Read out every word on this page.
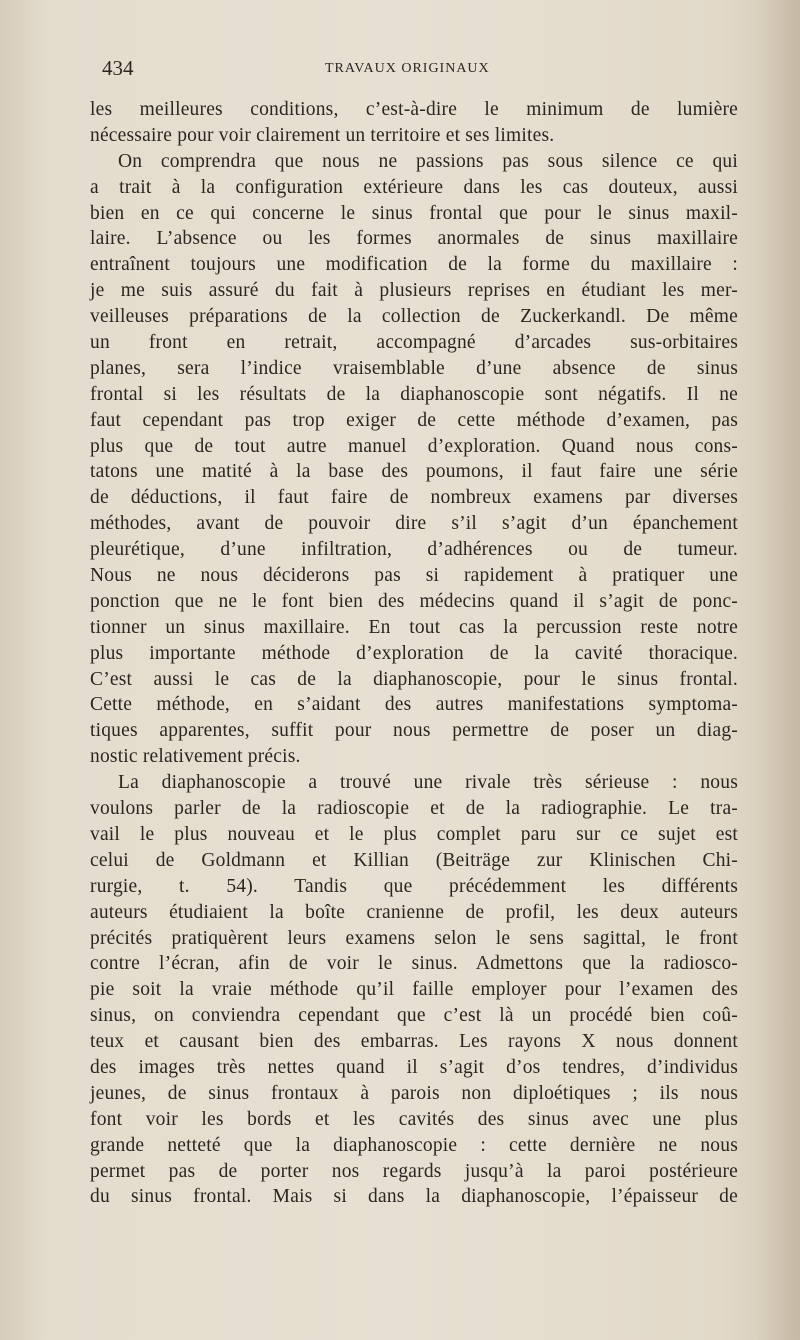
434	TRAVAUX ORIGINAUX
les meilleures conditions, c’est-à-dire le minimum de lumière
nécessaire pour voir clairement un territoire et ses limites.
On comprendra que nous ne passions pas sous silence ce qui
a trait à la configuration extérieure dans les cas douteux, aussi
bien en ce qui concerne le sinus frontal que pour le sinus maxil-
laire. L’absence ou les formes anormales de sinus maxillaire
entraînent toujours une modification de la forme du maxillaire :
je me suis assuré du fait à plusieurs reprises en étudiant les mer-
veilleuses préparations de la collection de Zuckerkandl. De même
un front en retrait, accompagné d’arcades sus-orbitaires
planes, sera l’indice vraisemblable d’une absence de sinus
frontal si les résultats de la diaphanoscopie sont négatifs. Il ne
faut cependant pas trop exiger de cette méthode d’examen, pas
plus que de tout autre manuel d’exploration. Quand nous cons-
tatons une matité à la base des poumons, il faut faire une série
de déductions, il faut faire de nombreux examens par diverses
méthodes, avant de pouvoir dire s’il s’agit d’un épanchement
pleurétique, d’une infiltration, d’adhérences ou de tumeur.
Nous ne nous déciderons pas si rapidement à pratiquer une
ponction que ne le font bien des médecins quand il s’agit de ponc-
tionner un sinus maxillaire. En tout cas la percussion reste notre
plus importante méthode d’exploration de la cavité thoracique.
C’est aussi le cas de la diaphanoscopie, pour le sinus frontal.
Cette méthode, en s’aidant des autres manifestations symptoma-
tiques apparentes, suffit pour nous permettre de poser un diag-
nostic relativement précis.
La diaphanoscopie a trouvé une rivale très sérieuse : nous
voulons parler de la radioscopie et de la radiographie. Le tra-
vail le plus nouveau et le plus complet paru sur ce sujet est
celui de Goldmann et Killian (Beiträge zur Klinischen Chi-
rurgie, t. 54). Tandis que précédemment les différents
auteurs étudiaient la boîte cranienne de profil, les deux auteurs
précités pratiquèrent leurs examens selon le sens sagittal, le front
contre l’écran, afin de voir le sinus. Admettons que la radiosco-
pie soit la vraie méthode qu’il faille employer pour l’examen des
sinus, on conviendra cependant que c’est là un procédé bien coû-
teux et causant bien des embarras. Les rayons X nous donnent
des images très nettes quand il s’agit d’os tendres, d’individus
jeunes, de sinus frontaux à parois non diploétiques ; ils nous
font voir les bords et les cavités des sinus avec une plus
grande netteté que la diaphanoscopie : cette dernière ne nous
permet pas de porter nos regards jusqu’à la paroi postérieure
du sinus frontal. Mais si dans la diaphanoscopie, l’épaisseur de
